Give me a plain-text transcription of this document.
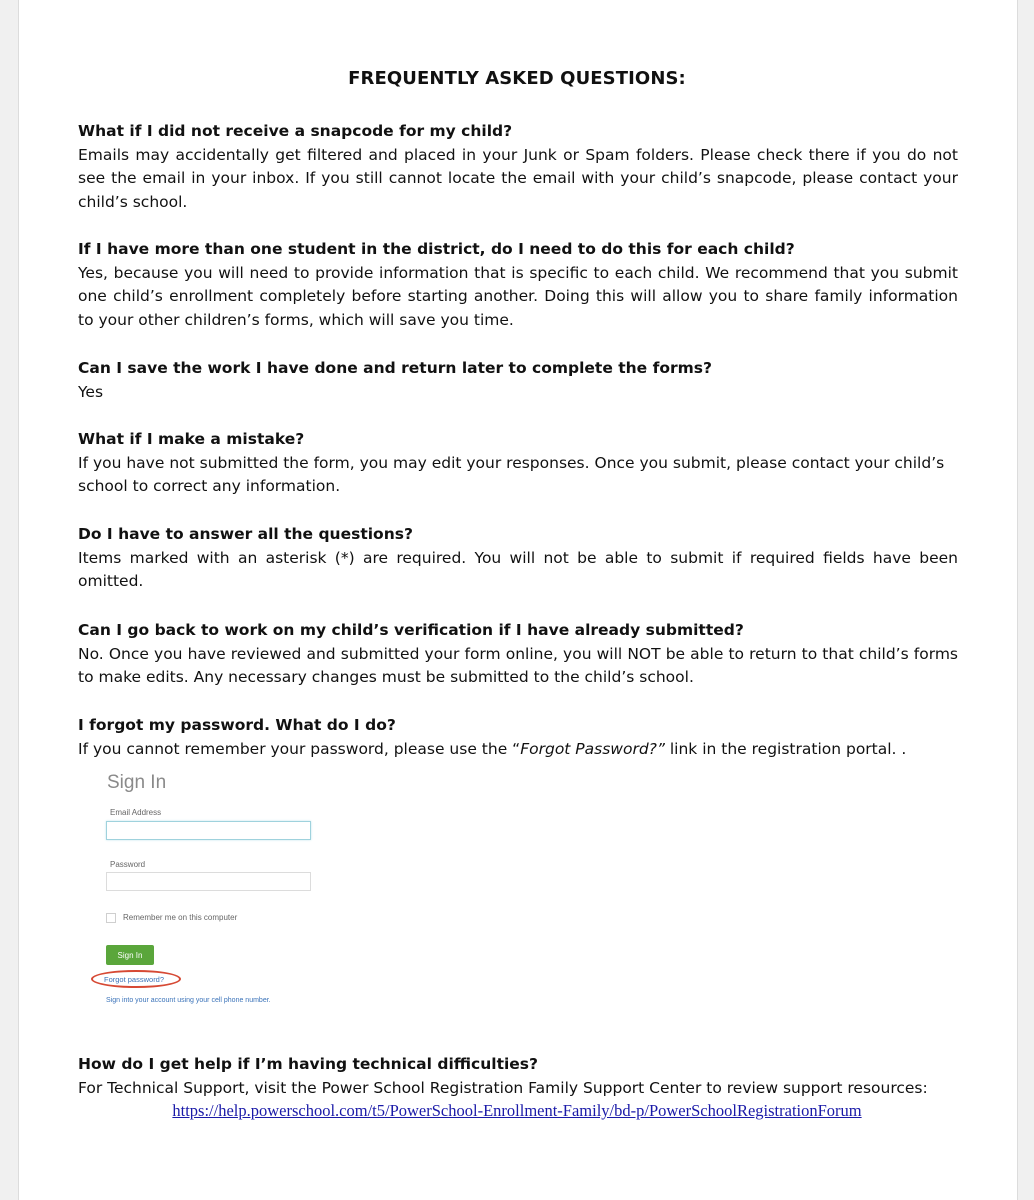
FREQUENTLY ASKED QUESTIONS:
What if I did not receive a snapcode for my child?
Emails may accidentally get filtered and placed in your Junk or Spam folders. Please check there if you do not see the email in your inbox. If you still cannot locate the email with your child’s snapcode, please contact your child’s school.
If I have more than one student in the district, do I need to do this for each child?
Yes, because you will need to provide information that is specific to each child. We recommend that you submit one child’s enrollment completely before starting another. Doing this will allow you to share family information to your other children’s forms, which will save you time.
Can I save the work I have done and return later to complete the forms?
Yes
What if I make a mistake?
If you have not submitted the form, you may edit your responses. Once you submit, please contact your child’s school to correct any information.
Do I have to answer all the questions?
Items marked with an asterisk (*) are required. You will not be able to submit if required fields have been omitted.
Can I go back to work on my child’s verification if I have already submitted?
No. Once you have reviewed and submitted your form online, you will NOT be able to return to that child’s forms to make edits. Any necessary changes must be submitted to the child’s school.
I forgot my password. What do I do?
If you cannot remember your password, please use the “Forgot Password?” link in the registration portal. .
Sign In
Email Address
Password
Remember me on this computer
Sign In
Forgot password?
Sign into your account using your cell phone number.
How do I get help if I’m having technical difficulties?
For Technical Support, visit the Power School Registration Family Support Center to review support resources:
https://help.powerschool.com/t5/PowerSchool-Enrollment-Family/bd-p/PowerSchoolRegistrationForum
